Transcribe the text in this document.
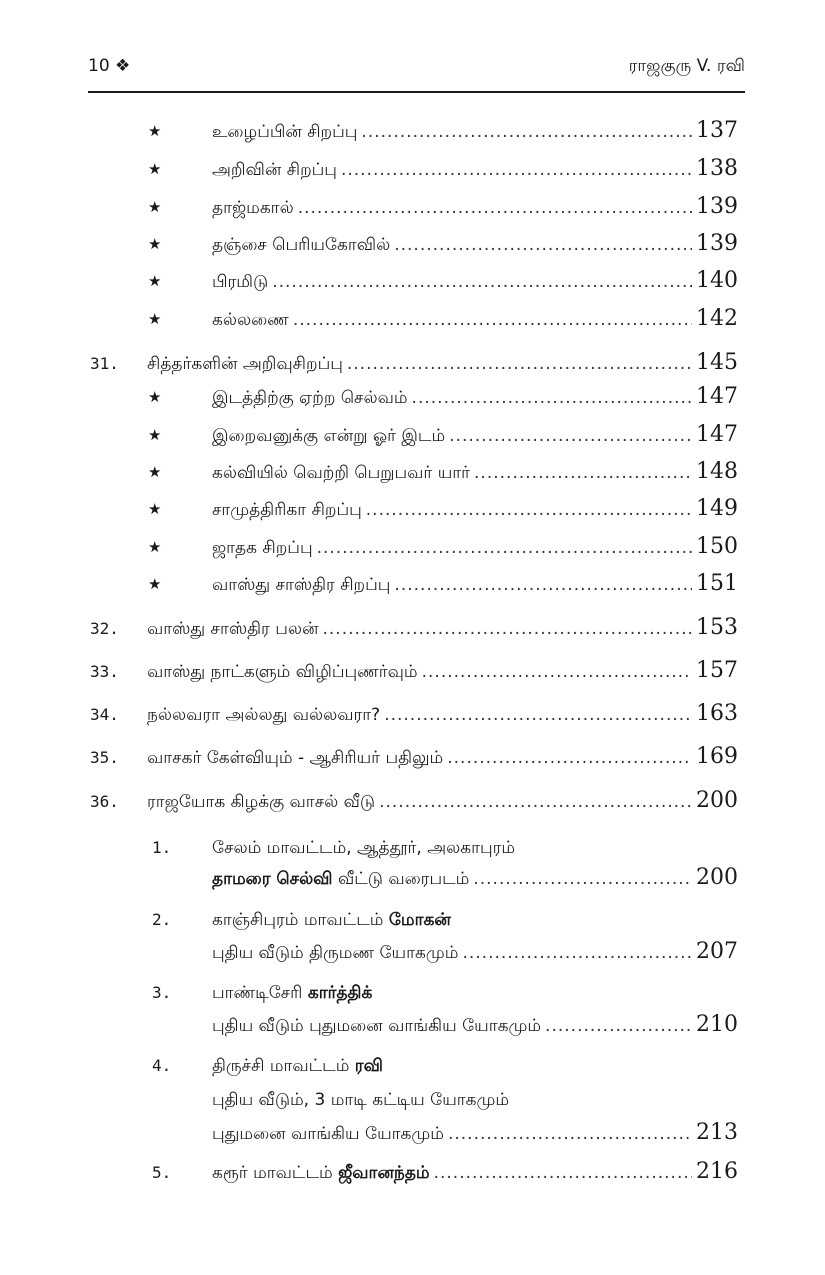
10 ❖	ராஜகுரு V. ரவி
★	உழைப்பின் சிறப்பு .....	137
★	அறிவின் சிறப்பு .....	138
★	தாஜ்மகால் .....	139
★	தஞ்சை பெரியகோவில் .....	139
★	பிரமிடு .....	140
★	கல்லணை .....	142
31. சித்தர்களின் அறிவுசிறப்பு .....	145
★	இடத்திற்கு ஏற்ற செல்வம் .....	147
★	இறைவனுக்கு என்று ஓர் இடம் .....	147
★	கல்வியில் வெற்றி பெறுபவர் யார் .....	148
★	சாமுத்திரிகா சிறப்பு .....	149
★	ஜாதக சிறப்பு .....	150
★	வாஸ்து சாஸ்திர சிறப்பு .....	151
32. வாஸ்து சாஸ்திர பலன் .....	153
33. வாஸ்து நாட்களும் விழிப்புணர்வும் .....	157
34. நல்லவரா அல்லது வல்லவரா? .....	163
35. வாசகர் கேள்வியும் - ஆசிரியர் பதிலும் .....	169
36. ராஜயோக கிழக்கு வாசல் வீடு .....	200
1. சேலம் மாவட்டம், ஆத்தூர், அலகாபுரம்
தாமரை செல்வி வீட்டு வரைபடம் .....	200
2. காஞ்சிபுரம் மாவட்டம் மோகன்
புதிய வீடும் திருமண யோகமும் .....	207
3. பாண்டிசேரி கார்த்திக்
புதிய வீடும் புதுமனை வாங்கிய யோகமும் .....	210
4. திருச்சி மாவட்டம் ரவி
புதிய வீடும், 3 மாடி கட்டிய யோகமும்
புதுமனை வாங்கிய யோகமும் .....	213
5. கரூர் மாவட்டம் ஜீவானந்தம் .....	216
